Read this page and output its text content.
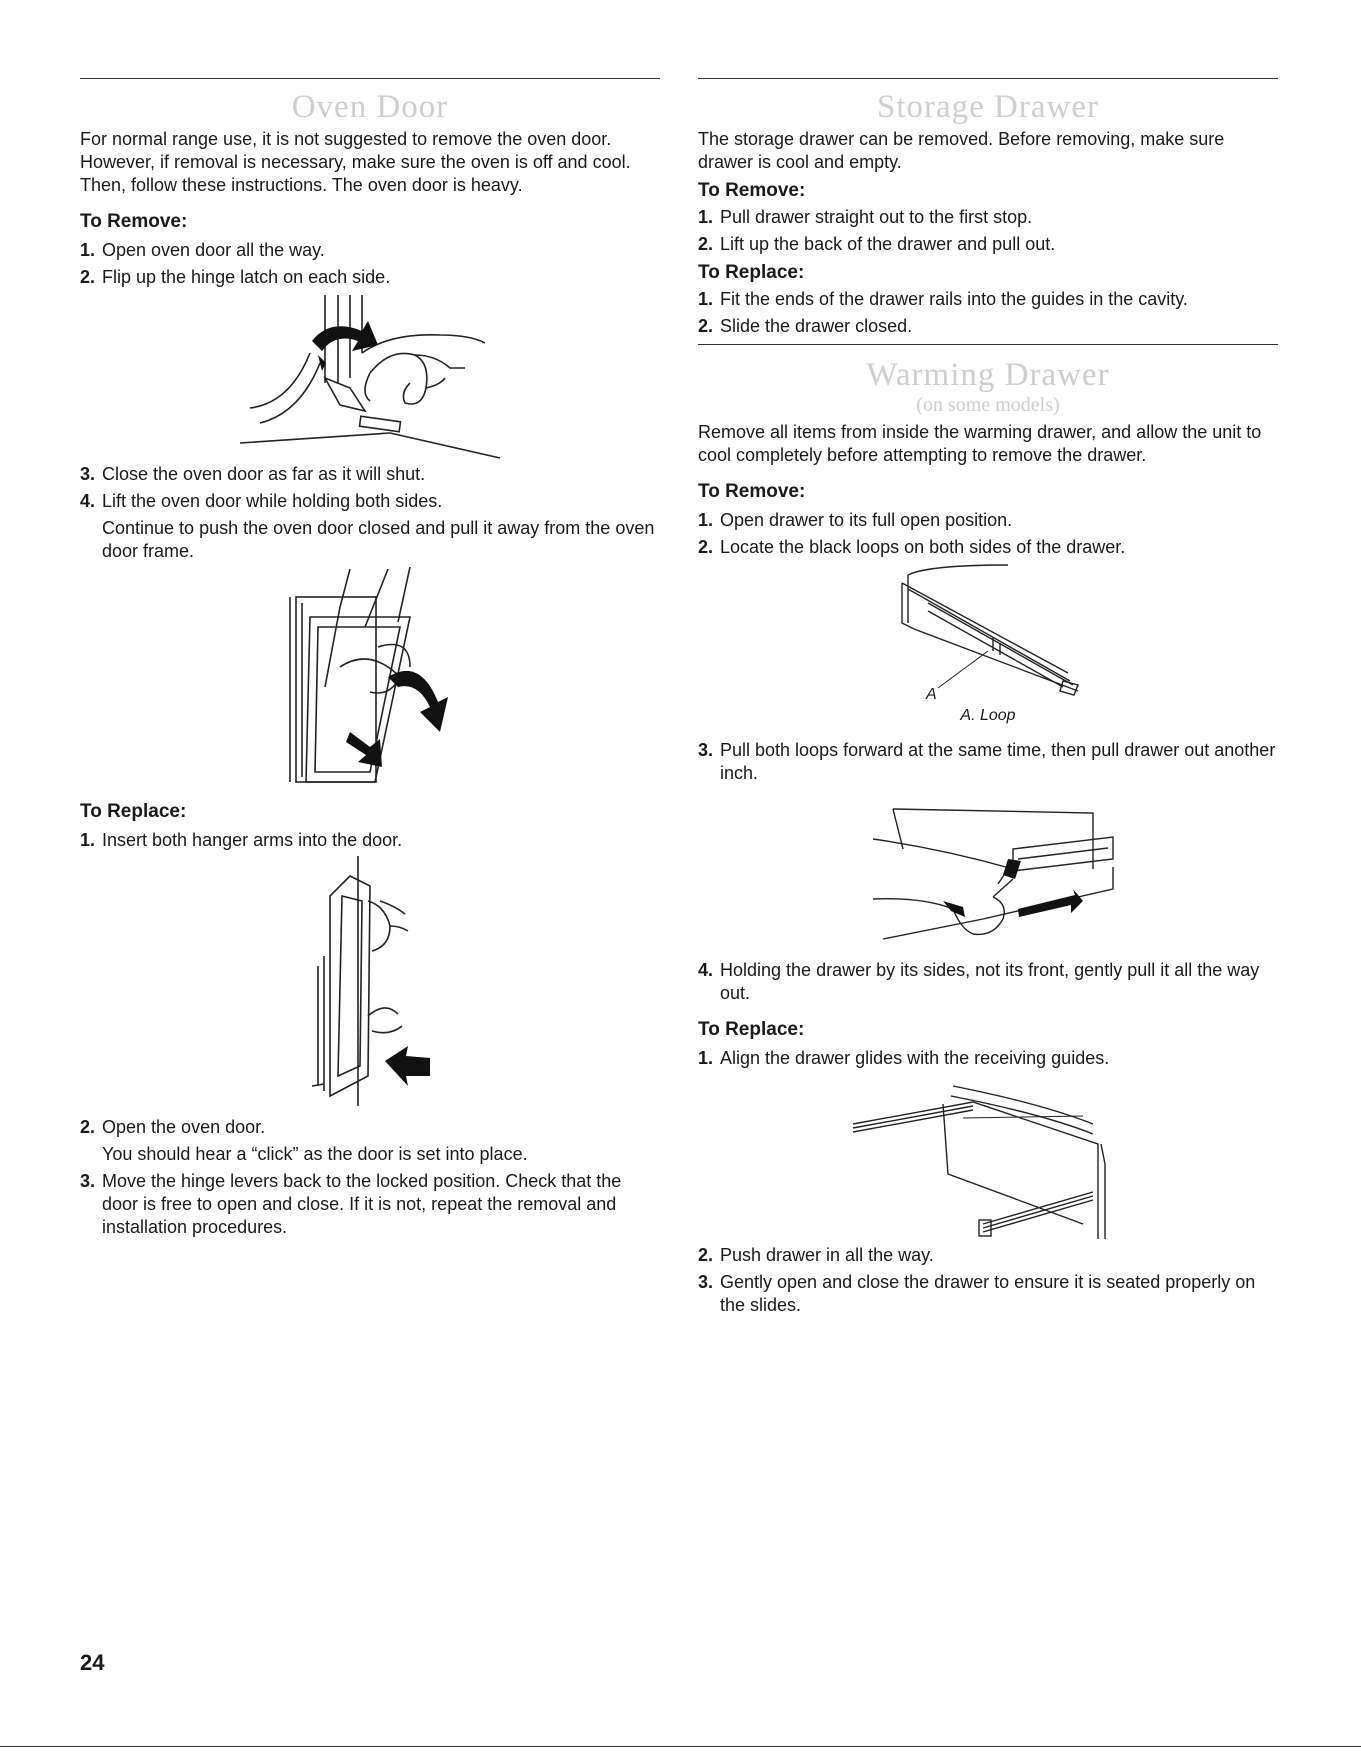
Oven Door

For normal range use, it is not suggested to remove the oven door. However, if removal is necessary, make sure the oven is off and cool. Then, follow these instructions. The oven door is heavy.

To Remove:
1. Open oven door all the way.
2. Flip up the hinge latch on each side.
3. Close the oven door as far as it will shut.
4. Lift the oven door while holding both sides.
Continue to push the oven door closed and pull it away from the oven door frame.
To Replace:
1. Insert both hanger arms into the door.
2. Open the oven door.
You should hear a “click” as the door is set into place.
3. Move the hinge levers back to the locked position. Check that the door is free to open and close. If it is not, repeat the removal and installation procedures.
Storage Drawer

The storage drawer can be removed. Before removing, make sure drawer is cool and empty.

To Remove:
1. Pull drawer straight out to the first stop.
2. Lift up the back of the drawer and pull out.
To Replace:
1. Fit the ends of the drawer rails into the guides in the cavity.
2. Slide the drawer closed.
Warming Drawer
(on some models)

Remove all items from inside the warming drawer, and allow the unit to cool completely before attempting to remove the drawer.

To Remove:
1. Open drawer to its full open position.
2. Locate the black loops on both sides of the drawer.
A
A. Loop
3. Pull both loops forward at the same time, then pull drawer out another inch.
4. Holding the drawer by its sides, not its front, gently pull it all the way out.
To Replace:
1. Align the drawer glides with the receiving guides.
2. Push drawer in all the way.
3. Gently open and close the drawer to ensure it is seated properly on the slides.
24
